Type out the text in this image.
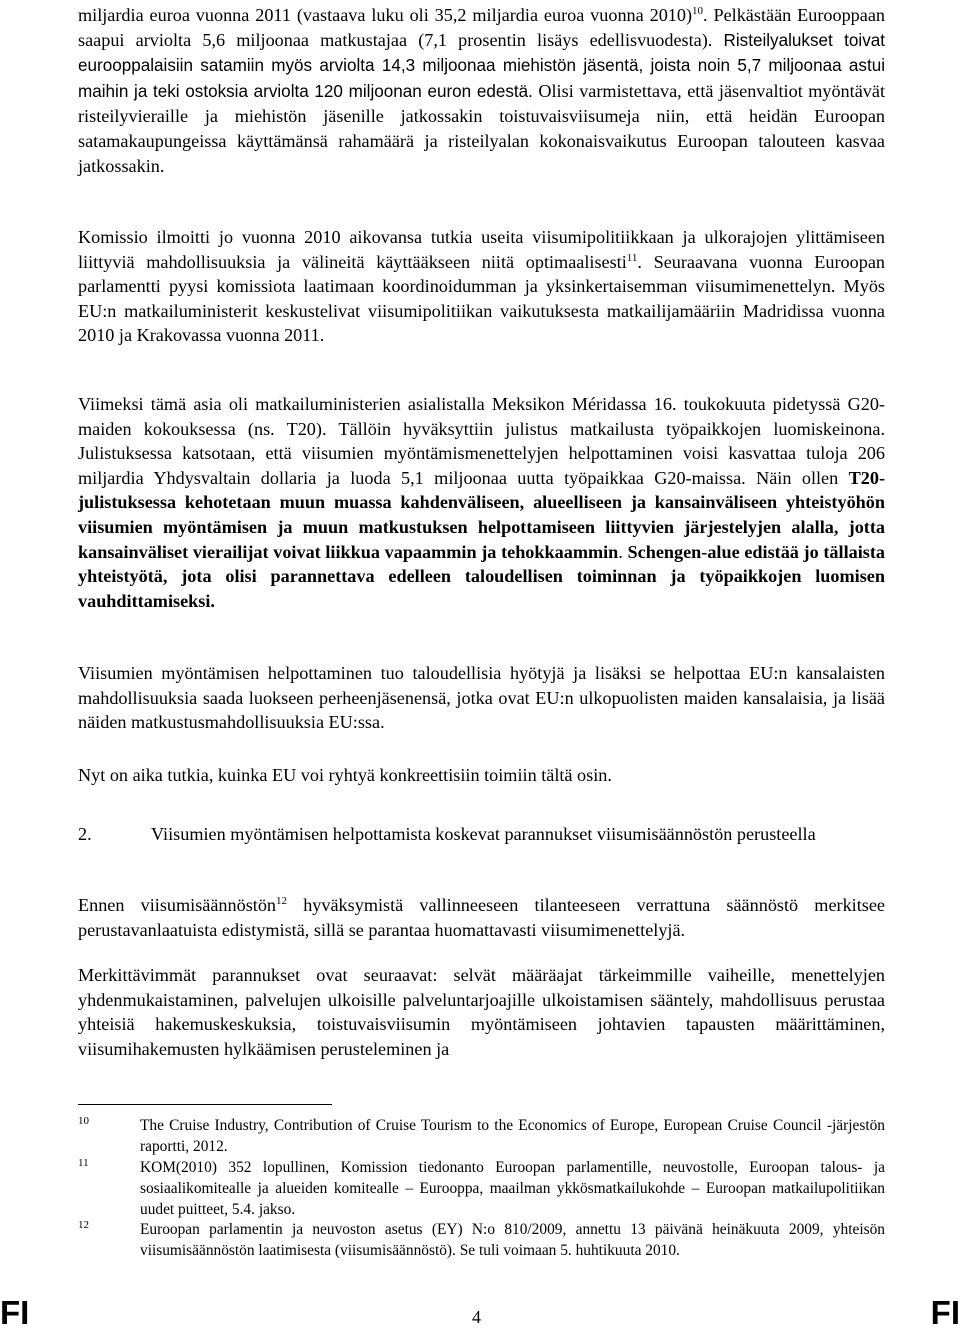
miljardia euroa vuonna 2011 (vastaava luku oli 35,2 miljardia euroa vuonna 2010)$^{10}$. Pelkästään Eurooppaan saapui arviolta 5,6 miljoonaa matkustajaa (7,1 prosentin lisäys edellisvuodesta). Risteilyalukset toivat eurooppalaisiin satamiin myös arviolta 14,3 miljoonaa miehistön jäsentä, joista noin 5,7 miljoonaa astui maihin ja teki ostoksia arviolta 120 miljoonan euron edestä. Olisi varmistettava, että jäsenvaltiot myöntävät risteilyvieraille ja miehistön jäsenille jatkossakin toistuvaisviisumeja niin, että heidän Euroopan satamakaupungeissa käyttämänsä rahamäärä ja risteilyalan kokonaisvaikutus Euroopan talouteen kasvaa jatkossakin.

Komissio ilmoitti jo vuonna 2010 aikovansa tutkia useita viisumipolitiikkaan ja ulkorajojen ylittämiseen liittyviä mahdollisuuksia ja välineitä käyttääkseen niitä optimaalisesti$^{11}$. Seuraavana vuonna Euroopan parlamentti pyysi komissiota laatimaan koordinoidumman ja yksinkertaisemman viisumimenettelyn. Myös EU:n matkailuministerit keskustelivat viisumipolitiikan vaikutuksesta matkailijamääriin Madridissa vuonna 2010 ja Krakovassa vuonna 2011.

Viimeksi tämä asia oli matkailuministerien asialistalla Meksikon Méridassa 16. toukokuuta pidetyssä G20-maiden kokouksessa (ns. T20). Tällöin hyväksyttiin julistus matkailusta työpaikkojen luomiskeinona. Julistuksessa katsotaan, että viisumien myöntämismenettelyjen helpottaminen voisi kasvattaa tuloja 206 miljardia Yhdysvaltain dollaria ja luoda 5,1 miljoonaa uutta työpaikkaa G20-maissa. Näin ollen T20-julistuksessa kehotetaan muun muassa kahdenväliseen, alueelliseen ja kansainväliseen yhteistyöhön viisumien myöntämisen ja muun matkustuksen helpottamiseen liittyvien järjestelyjen alalla, jotta kansainväliset vierailijat voivat liikkua vapaammin ja tehokkaammin. Schengen-alue edistää jo tällaista yhteistyötä, jota olisi parannettava edelleen taloudellisen toiminnan ja työpaikkojen luomisen vauhdittamiseksi.

Viisumien myöntämisen helpottaminen tuo taloudellisia hyötyjä ja lisäksi se helpottaa EU:n kansalaisten mahdollisuuksia saada luokseen perheenjäsenensä, jotka ovat EU:n ulkopuolisten maiden kansalaisia, ja lisää näiden matkustusmahdollisuuksia EU:ssa.

Nyt on aika tutkia, kuinka EU voi ryhtyä konkreettisiin toimiin tältä osin.

2.	Viisumien myöntämisen helpottamista koskevat parannukset viisumisäännöstön perusteella

Ennen viisumisäännöstön$^{12}$ hyväksymistä vallinneeseen tilanteeseen verrattuna säännöstö merkitsee perustavanlaatuista edistymistä, sillä se parantaa huomattavasti viisumimenettelyjä.

Merkittävimmät parannukset ovat seuraavat: selvät määräajat tärkeimmille vaiheille, menettelyjen yhdenmukaistaminen, palvelujen ulkoisille palveluntarjoajille ulkoistamisen sääntely, mahdollisuus perustaa yhteisiä hakemuskeskuksia, toistuvaisviisumin myöntämiseen johtavien tapausten määrittäminen, viisumihakemusten hylkäämisen perusteleminen ja

10	The Cruise Industry, Contribution of Cruise Tourism to the Economics of Europe, European Cruise Council -järjestön raportti, 2012.
11	KOM(2010) 352 lopullinen, Komission tiedonanto Euroopan parlamentille, neuvostolle, Euroopan talous- ja sosiaalikomitealle ja alueiden komitealle – Eurooppa, maailman ykkösmatkailukohde – Euroopan matkailupolitiikan uudet puitteet, 5.4. jakso.
12	Euroopan parlamentin ja neuvoston asetus (EY) N:o 810/2009, annettu 13 päivänä heinäkuuta 2009, yhteisön viisumisäännöstön laatimisesta (viisumisäännöstö). Se tuli voimaan 5. huhtikuuta 2010.
FI	4	FI
